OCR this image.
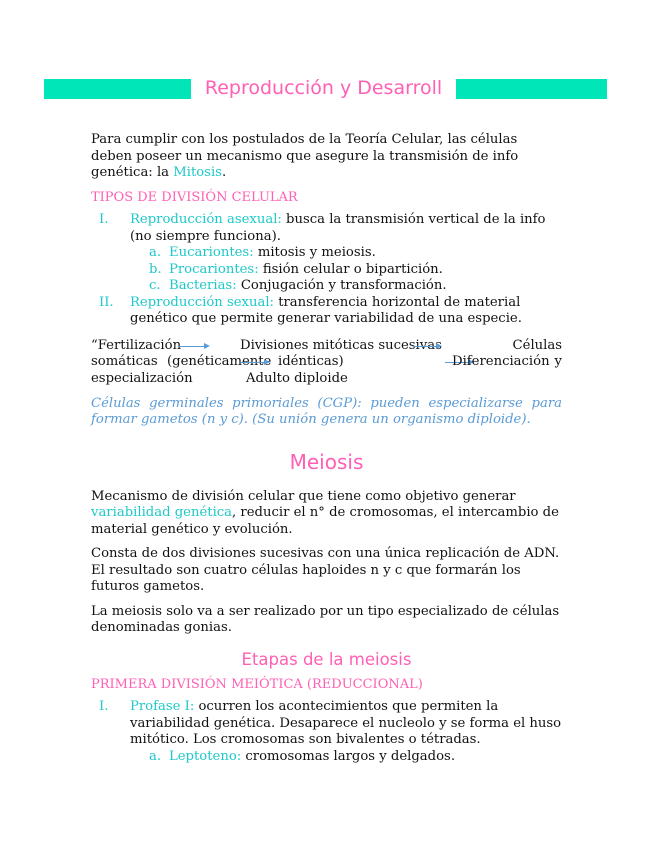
Reproducción y Desarroll

Para cumplir con los postulados de la Teoría Celular, las células deben poseer un mecanismo que asegure la transmisión de info genética: la Mitosis.

TIPOS DE DIVISIÓN CELULAR
I. Reproducción asexual: busca la transmisión vertical de la info (no siempre funciona).
a. Eucariontes: mitosis y meiosis.
b. Procariontes: fisión celular o bipartición.
c. Bacterias: Conjugación y transformación.
II. Reproducción sexual: transferencia horizontal de material genético que permite generar variabilidad de una especie.
“Fertilización	Divisiones mitóticas sucesivas	Células
somáticas (genéticamente idénticas)	Diferenciación y
especialización	Adulto diploide

Células germinales primoriales (CGP): pueden especializarse para formar gametos (n y c). (Su unión genera un organismo diploide).

Meiosis

Mecanismo de división celular que tiene como objetivo generar variabilidad genética, reducir el n° de cromosomas, el intercambio de material genético y evolución.

Consta de dos divisiones sucesivas con una única replicación de ADN. El resultado son cuatro células haploides n y c que formarán los futuros gametos.

La meiosis solo va a ser realizado por un tipo especializado de células denominadas gonias.

Etapas de la meiosis
PRIMERA DIVISIÓN MEIÓTICA (REDUCCIONAL)
I. Profase I: ocurren los acontecimientos que permiten la variabilidad genética. Desaparece el nucleolo y se forma el huso mitótico. Los cromosomas son bivalentes o tétradas.
a. Leptoteno: cromosomas largos y delgados.
